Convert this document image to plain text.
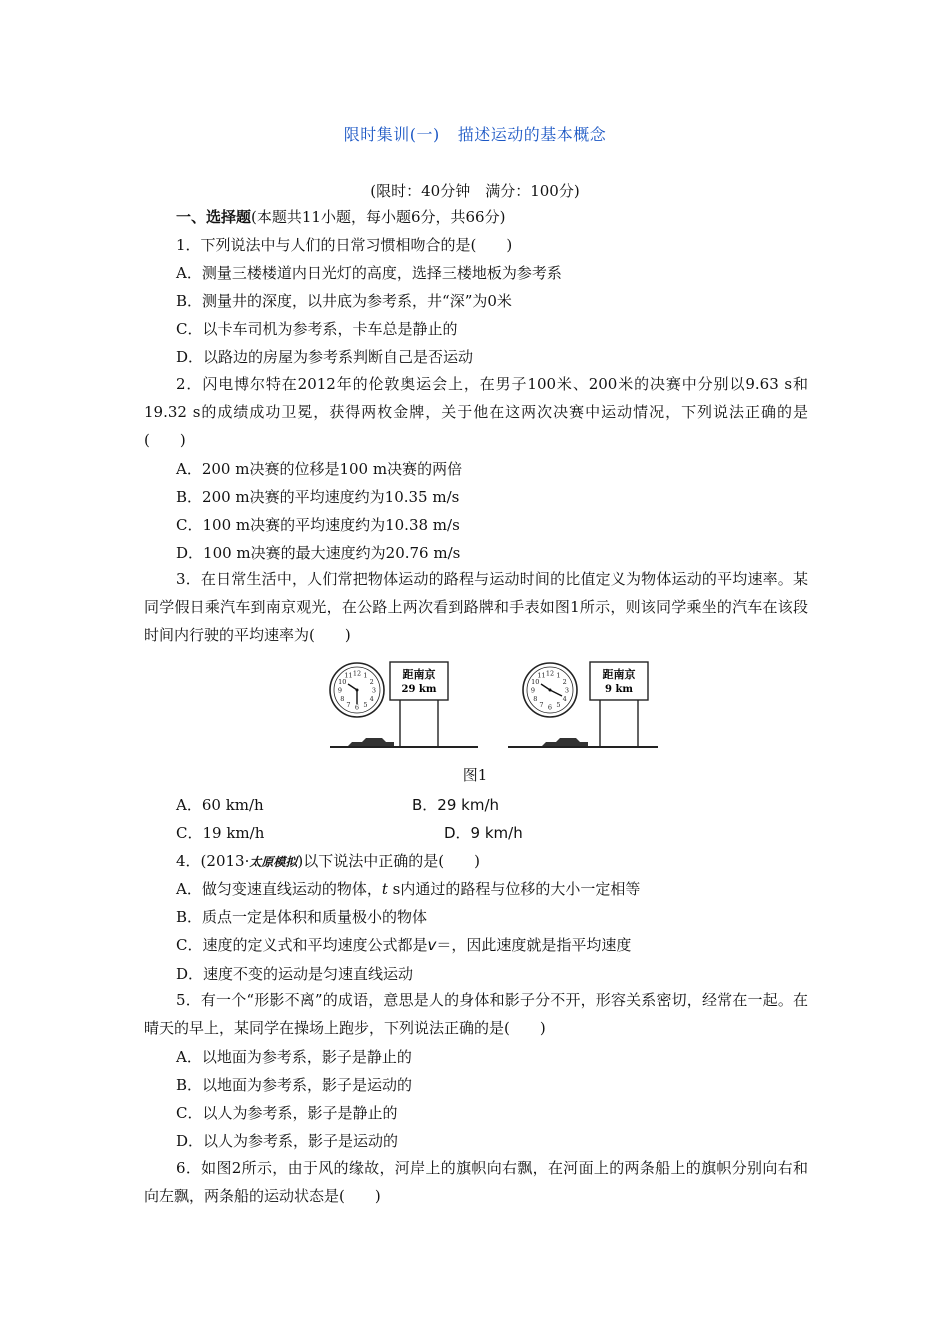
限时集训(一) 描述运动的基本概念
(限时：40分钟　满分：100分)
一、选择题(本题共11小题，每小题6分，共66分)
1．下列说法中与人们的日常习惯相吻合的是(　　)
A．测量三楼楼道内日光灯的高度，选择三楼地板为参考系
B．测量井的深度，以井底为参考系，井“深”为0米
C．以卡车司机为参考系，卡车总是静止的
D．以路边的房屋为参考系判断自己是否运动
2．闪电博尔特在2012年的伦敦奥运会上，在男子100米、200米的决赛中分别以9.63 s和19.32 s的成绩成功卫冕，获得两枚金牌，关于他在这两次决赛中运动情况，下列说法正确的是(　　)
A．200 m决赛的位移是100 m决赛的两倍
B．200 m决赛的平均速度约为10.35 m/s
C．100 m决赛的平均速度约为10.38 m/s
D．100 m决赛的最大速度约为20.76 m/s
3．在日常生活中，人们常把物体运动的路程与运动时间的比值定义为物体运动的平均速率。某同学假日乘汽车到南京观光，在公路上两次看到路牌和手表如图1所示，则该同学乘坐的汽车在该段时间内行驶的平均速率为(　　)
12 1
2
3
4
5
6
7
8
9
10
11	距南京
29 km
12 1
2
3
4
5
6
7
8
9
10
11	距南京
9 km
图1
A．60 km/h	B．29 km/h
C．19 km/h	D．9 km/h
4．(2013·太原模拟)以下说法中正确的是(　　)
A．做匀变速直线运动的物体，t s内通过的路程与位移的大小一定相等
B．质点一定是体积和质量极小的物体
C．速度的定义式和平均速度公式都是v＝，因此速度就是指平均速度
D．速度不变的运动是匀速直线运动
5．有一个“形影不离”的成语，意思是人的身体和影子分不开，形容关系密切，经常在一起。在晴天的早上，某同学在操场上跑步，下列说法正确的是(　　)
A．以地面为参考系，影子是静止的
B．以地面为参考系，影子是运动的
C．以人为参考系，影子是静止的
D．以人为参考系，影子是运动的
6．如图2所示，由于风的缘故，河岸上的旗帜向右飘，在河面上的两条船上的旗帜分别向右和向左飘，两条船的运动状态是(　　)
